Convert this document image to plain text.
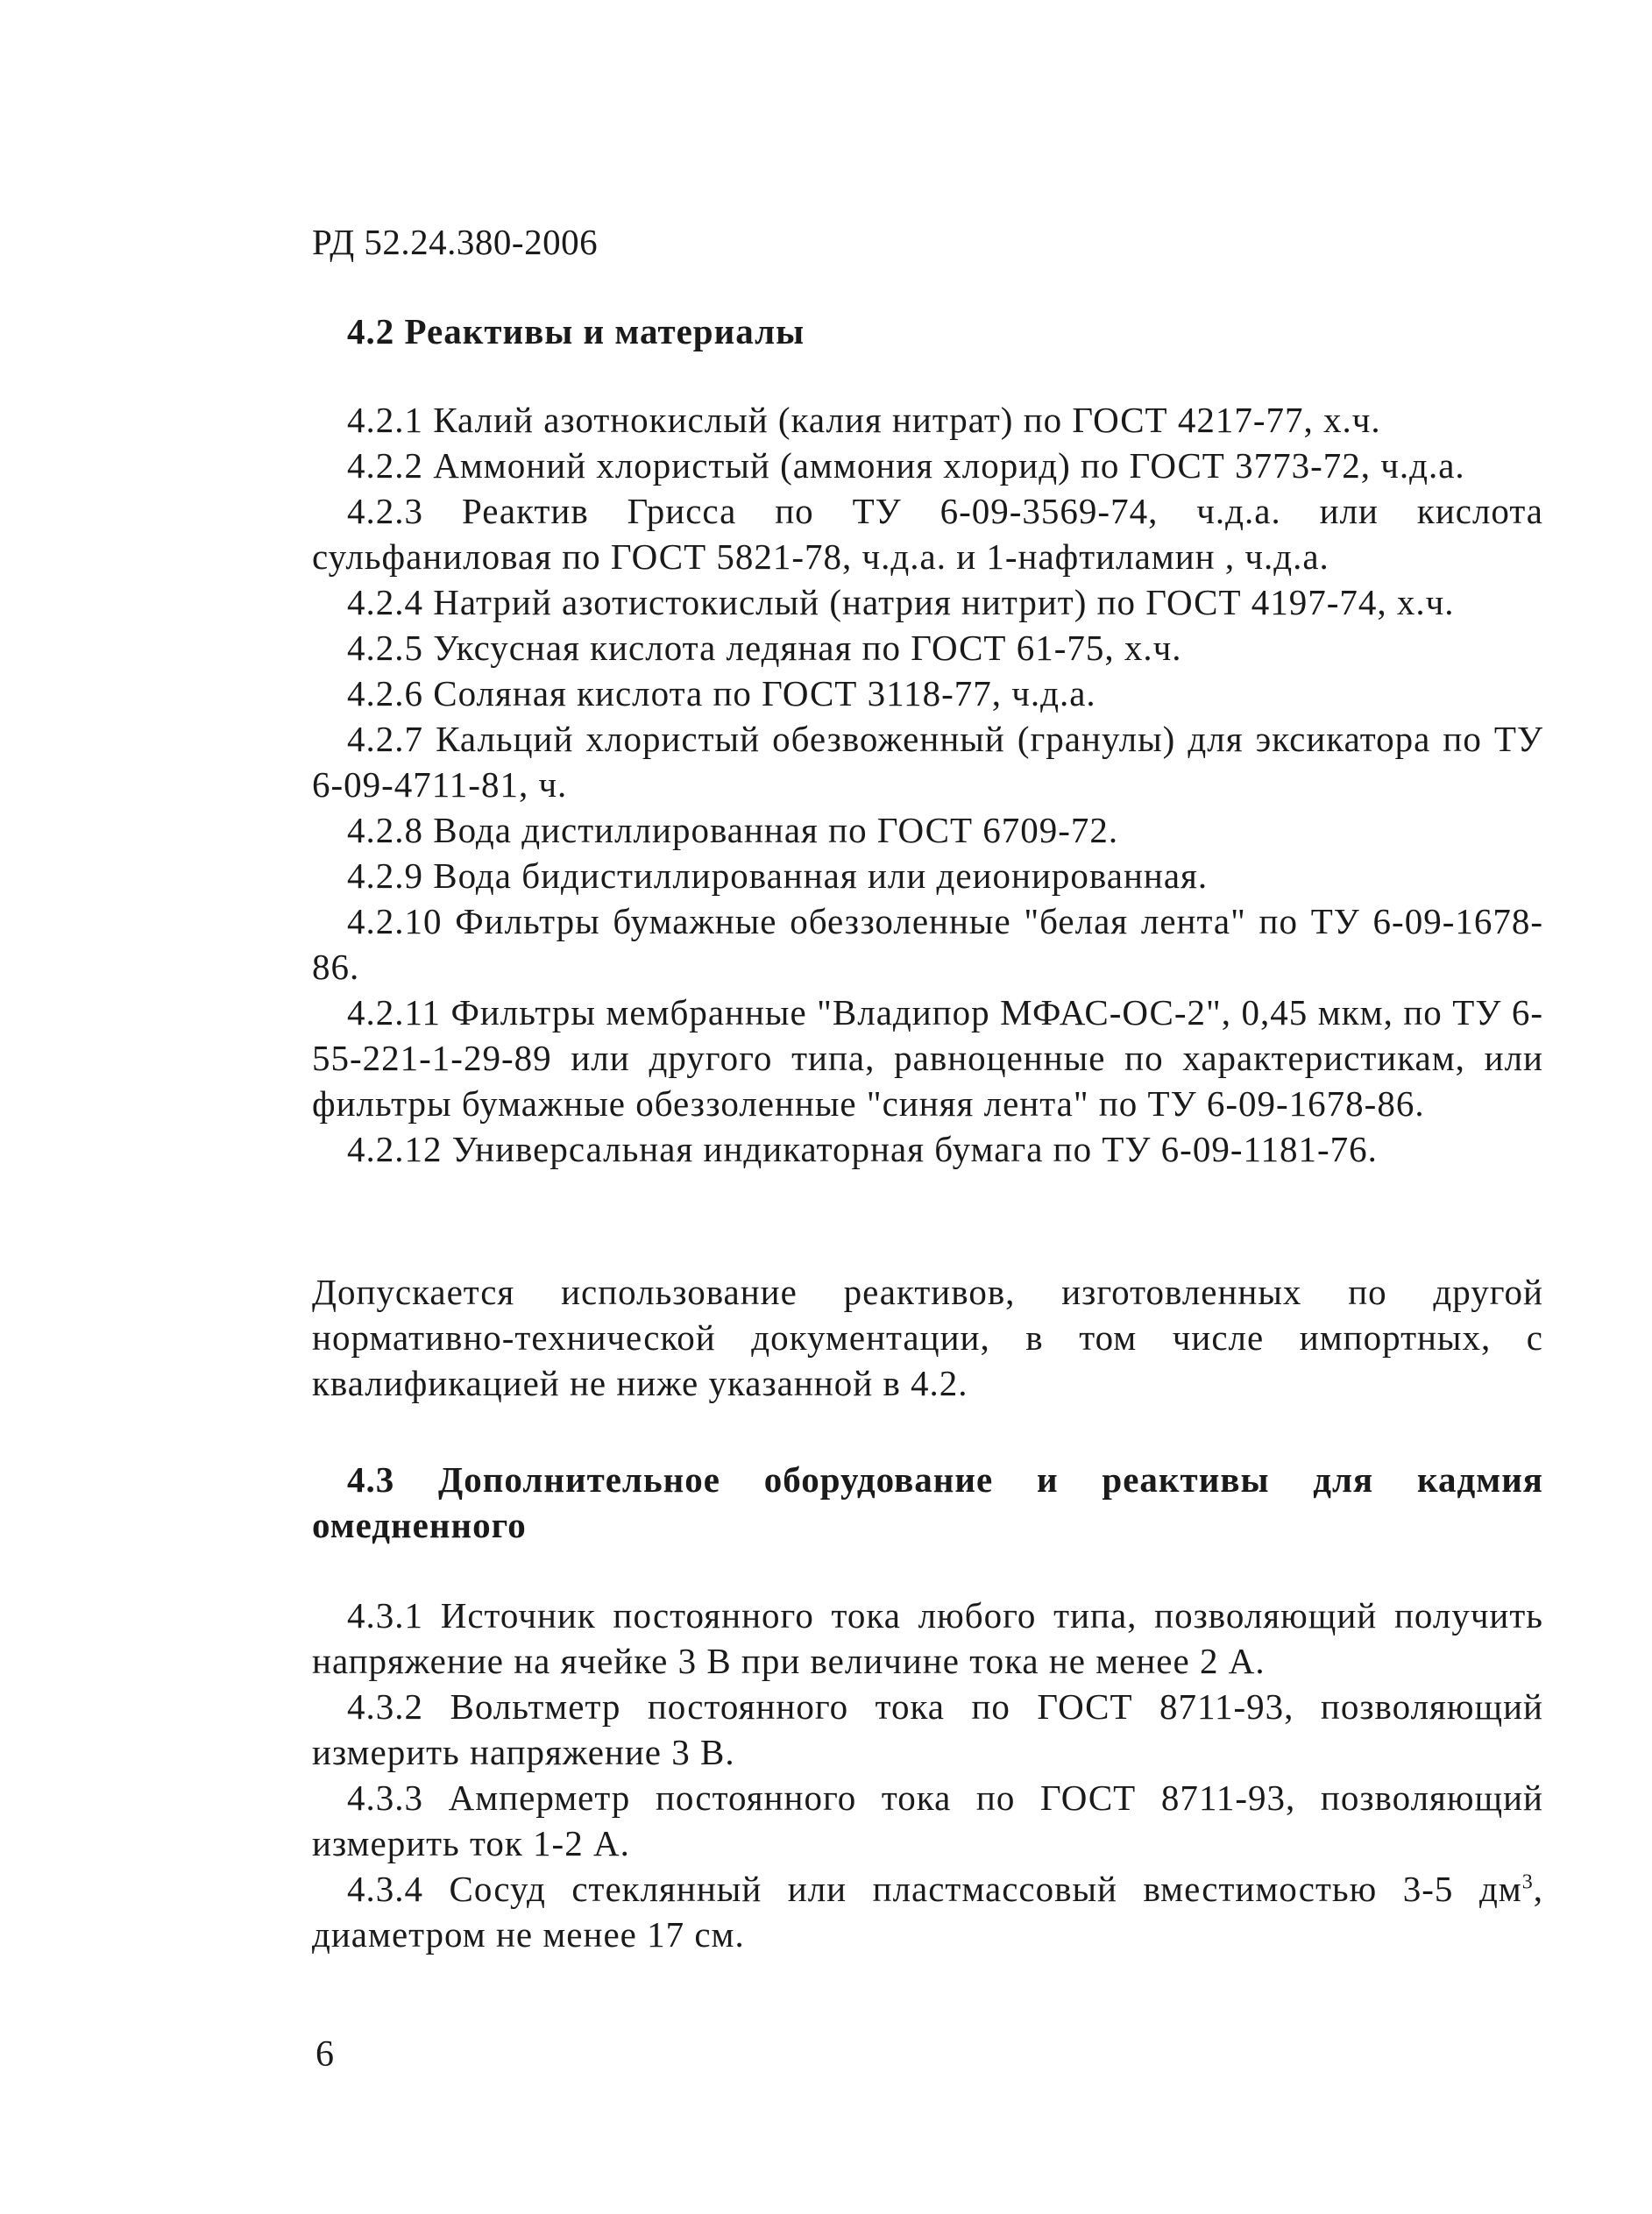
РД 52.24.380-2006
4.2 Реактивы и материалы
4.2.1 Калий азотнокислый (калия нитрат) по ГОСТ 4217-77, х.ч.
4.2.2 Аммоний хлористый (аммония хлорид) по ГОСТ 3773-72, ч.д.а.
4.2.3 Реактив Грисса по ТУ 6-09-3569-74, ч.д.а. или кислота сульфаниловая по ГОСТ 5821-78, ч.д.а. и 1-нафтиламин , ч.д.а.
4.2.4 Натрий азотистокислый (натрия нитрит) по ГОСТ 4197-74, х.ч.
4.2.5 Уксусная кислота ледяная по ГОСТ 61-75, х.ч.
4.2.6 Соляная кислота по ГОСТ 3118-77, ч.д.а.
4.2.7 Кальций хлористый обезвоженный (гранулы) для эксикатора по ТУ 6-09-4711-81, ч.
4.2.8 Вода дистиллированная по ГОСТ 6709-72.
4.2.9 Вода бидистиллированная или деионированная.
4.2.10 Фильтры бумажные обеззоленные "белая лента" по ТУ 6-09-1678-86.
4.2.11 Фильтры мембранные "Владипор МФАС-ОС-2", 0,45 мкм, по ТУ 6-55-221-1-29-89 или другого типа, равноценные по характеристикам, или фильтры бумажные обеззоленные "синяя лента" по ТУ 6-09-1678-86.
4.2.12 Универсальная индикаторная бумага по ТУ 6-09-1181-76.
Допускается использование реактивов, изготовленных по другой нормативно-технической документации, в том числе импортных, с квалификацией не ниже указанной в 4.2.
4.3 Дополнительное оборудование и реактивы для кадмия омедненного
4.3.1 Источник постоянного тока любого типа, позволяющий получить напряжение на ячейке 3 В при величине тока не менее 2 А.
4.3.2 Вольтметр постоянного тока по ГОСТ 8711-93, позволяющий измерить напряжение 3 В.
4.3.3 Амперметр постоянного тока по ГОСТ 8711-93, позволяющий измерить ток 1-2 А.
4.3.4 Сосуд стеклянный или пластмассовый вместимостью 3-5 $дм^3$, диаметром не менее 17 см.
6
